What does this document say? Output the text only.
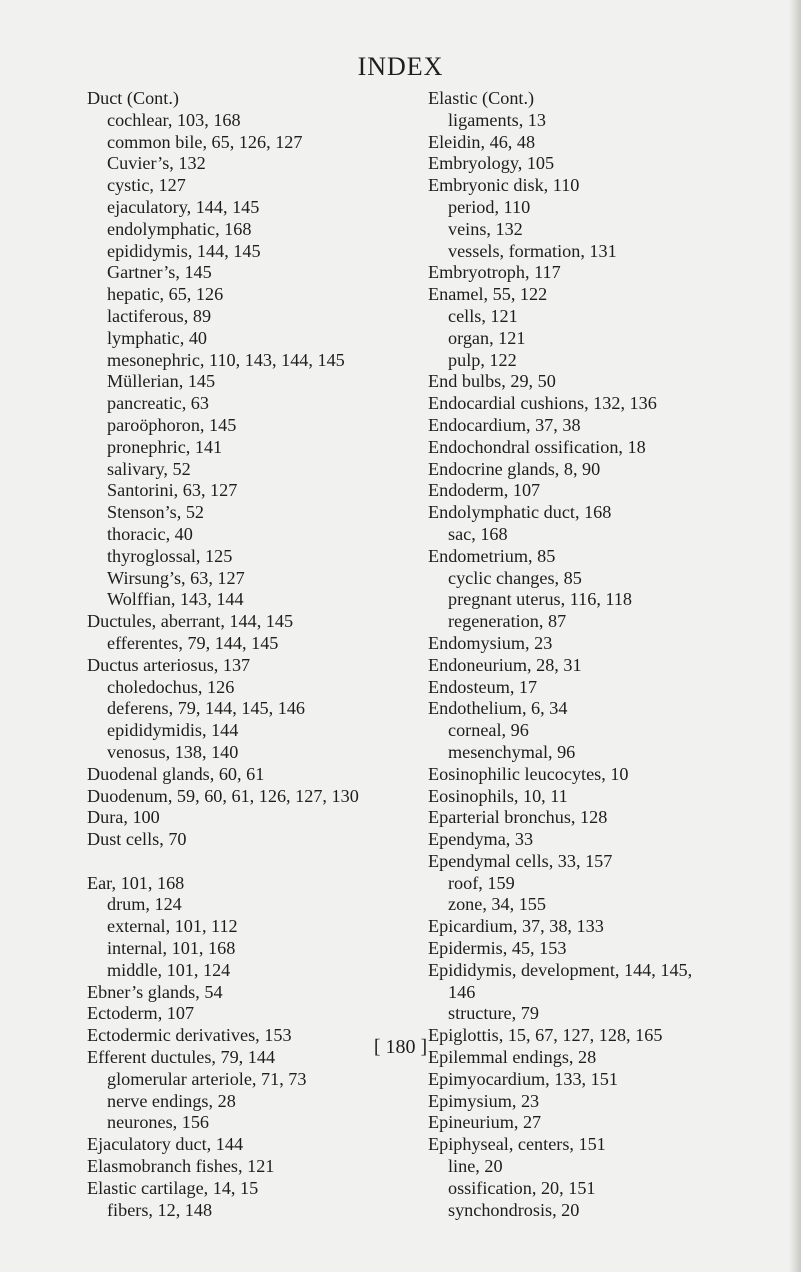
INDEX
Duct (Cont.)
cochlear, 103, 168
common bile, 65, 126, 127
Cuvier’s, 132
cystic, 127
ejaculatory, 144, 145
endolymphatic, 168
epididymis, 144, 145
Gartner’s, 145
hepatic, 65, 126
lactiferous, 89
lymphatic, 40
mesonephric, 110, 143, 144, 145
Müllerian, 145
pancreatic, 63
paroöphoron, 145
pronephric, 141
salivary, 52
Santorini, 63, 127
Stenson’s, 52
thoracic, 40
thyroglossal, 125
Wirsung’s, 63, 127
Wolffian, 143, 144
Ductules, aberrant, 144, 145
efferentes, 79, 144, 145
Ductus arteriosus, 137
choledochus, 126
deferens, 79, 144, 145, 146
epididymidis, 144
venosus, 138, 140
Duodenal glands, 60, 61
Duodenum, 59, 60, 61, 126, 127, 130
Dura, 100
Dust cells, 70
Ear, 101, 168
drum, 124
external, 101, 112
internal, 101, 168
middle, 101, 124
Ebner’s glands, 54
Ectoderm, 107
Ectodermic derivatives, 153
Efferent ductules, 79, 144
glomerular arteriole, 71, 73
nerve endings, 28
neurones, 156
Ejaculatory duct, 144
Elasmobranch fishes, 121
Elastic cartilage, 14, 15
fibers, 12, 148
Elastic (Cont.)
ligaments, 13
Eleidin, 46, 48
Embryology, 105
Embryonic disk, 110
period, 110
veins, 132
vessels, formation, 131
Embryotroph, 117
Enamel, 55, 122
cells, 121
organ, 121
pulp, 122
End bulbs, 29, 50
Endocardial cushions, 132, 136
Endocardium, 37, 38
Endochondral ossification, 18
Endocrine glands, 8, 90
Endoderm, 107
Endolymphatic duct, 168
sac, 168
Endometrium, 85
cyclic changes, 85
pregnant uterus, 116, 118
regeneration, 87
Endomysium, 23
Endoneurium, 28, 31
Endosteum, 17
Endothelium, 6, 34
corneal, 96
mesenchymal, 96
Eosinophilic leucocytes, 10
Eosinophils, 10, 11
Eparterial bronchus, 128
Ependyma, 33
Ependymal cells, 33, 157
roof, 159
zone, 34, 155
Epicardium, 37, 38, 133
Epidermis, 45, 153
Epididymis, development, 144, 145,
146
structure, 79
Epiglottis, 15, 67, 127, 128, 165
Epilemmal endings, 28
Epimyocardium, 133, 151
Epimysium, 23
Epineurium, 27
Epiphyseal, centers, 151
line, 20
ossification, 20, 151
synchondrosis, 20
[ 180 ]
